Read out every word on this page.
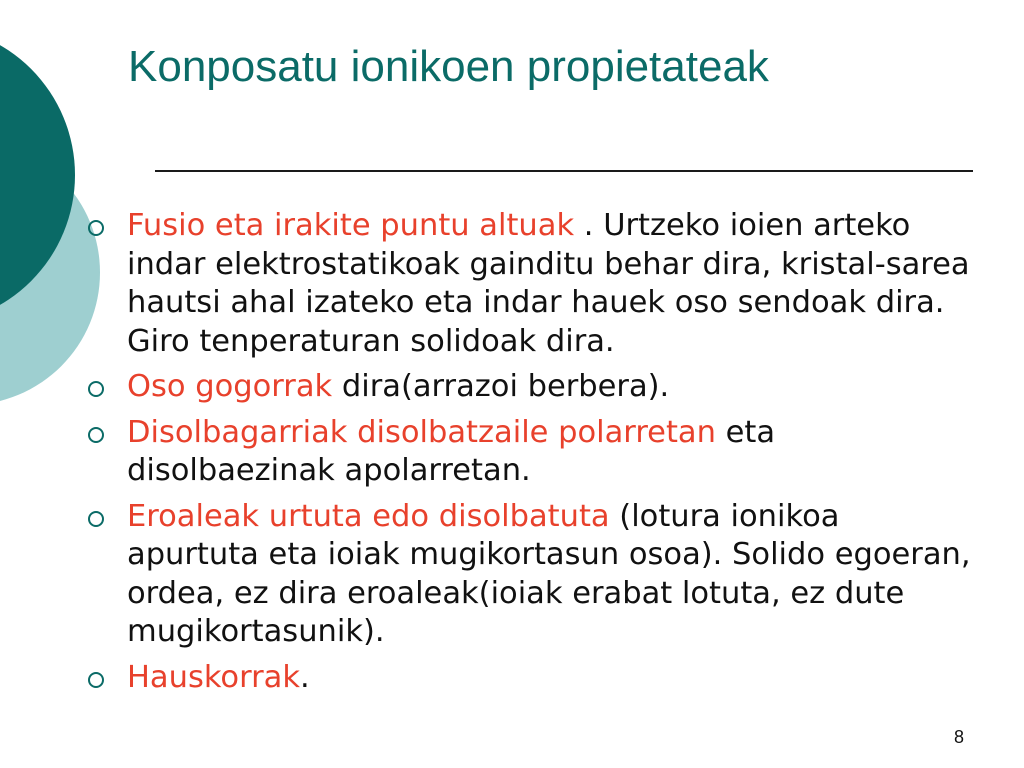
Konposatu ionikoen propietateak
Fusio eta irakite puntu altuak . Urtzeko ioien arteko indar elektrostatikoak gainditu behar dira, kristal-sarea hautsi ahal izateko eta indar hauek oso sendoak dira. Giro tenperaturan solidoak dira.
Oso gogorrak dira(arrazoi berbera).
Disolbagarriak disolbatzaile polarretan eta disolbaezinak apolarretan.
Eroaleak urtuta edo disolbatuta (lotura ionikoa apurtuta eta ioiak mugikortasun osoa). Solido egoeran, ordea, ez dira eroaleak(ioiak erabat lotuta, ez dute mugikortasunik).
Hauskorrak.
8
